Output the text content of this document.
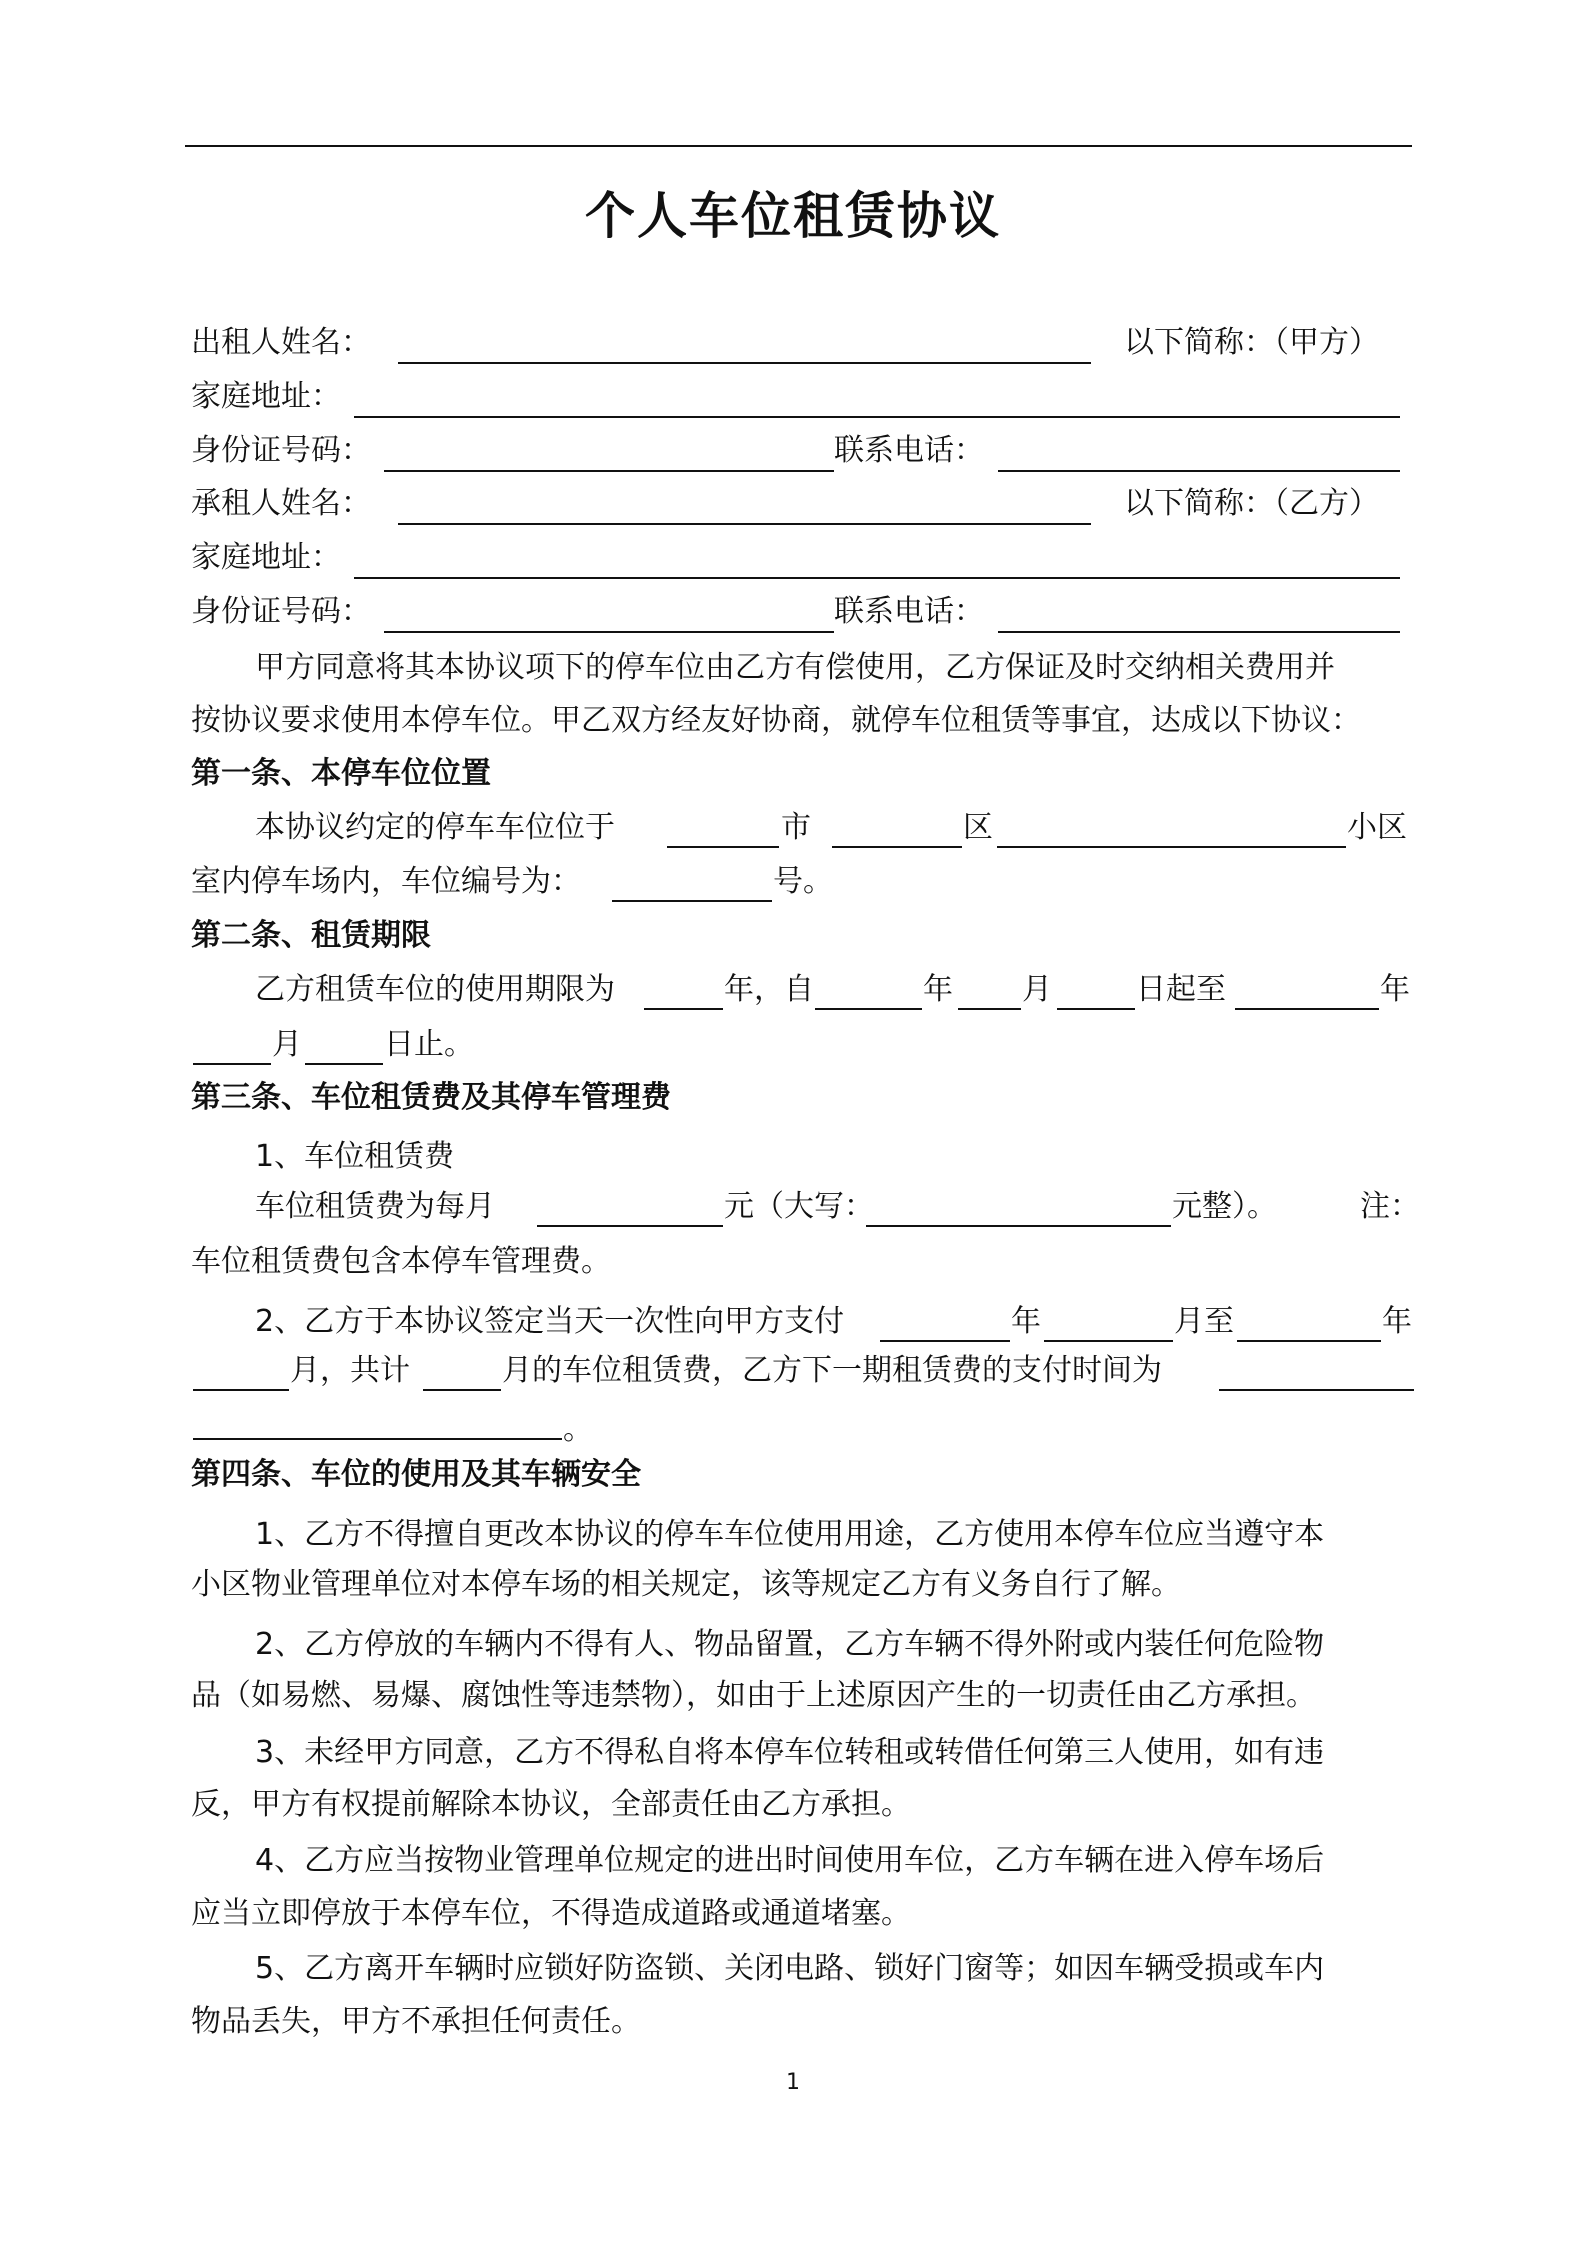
个人车位租赁协议
出租人姓名：	以下简称：（甲方）
家庭地址：
身份证号码：	联系电话：
承租人姓名：	以下简称：（乙方）
家庭地址：
身份证号码：	联系电话：
甲方同意将其本协议项下的停车位由乙方有偿使用，乙方保证及时交纳相关费用并
按协议要求使用本停车位。甲乙双方经友好协商，就停车位租赁等事宜，达成以下协议：
第一条、本停车位位置
本协议约定的停车车位位于	市	区	小区
室内停车场内，车位编号为：	号。
第二条、租赁期限
乙方租赁车位的使用期限为	年，自	年 月	日起至	年
月	日止。
第三条、车位租赁费及其停车管理费
1、车位租赁费
车位租赁费为每月	元（大写：	元整）。	注：
车位租赁费包含本停车管理费。
2、乙方于本协议签定当天一次性向甲方支付	年	月至	年
月，共计	月的车位租赁费，乙方下一期租赁费的支付时间为
。
第四条、车位的使用及其车辆安全
1、乙方不得擅自更改本协议的停车车位使用用途，乙方使用本停车位应当遵守本
小区物业管理单位对本停车场的相关规定，该等规定乙方有义务自行了解。
2、乙方停放的车辆内不得有人、物品留置，乙方车辆不得外附或内装任何危险物
品（如易燃、易爆、腐蚀性等违禁物），如由于上述原因产生的一切责任由乙方承担。
3、未经甲方同意，乙方不得私自将本停车位转租或转借任何第三人使用，如有违
反，甲方有权提前解除本协议，全部责任由乙方承担。
4、乙方应当按物业管理单位规定的进出时间使用车位，乙方车辆在进入停车场后
应当立即停放于本停车位，不得造成道路或通道堵塞。
5、乙方离开车辆时应锁好防盗锁、关闭电路、锁好门窗等；如因车辆受损或车内
物品丢失，甲方不承担任何责任。
1
